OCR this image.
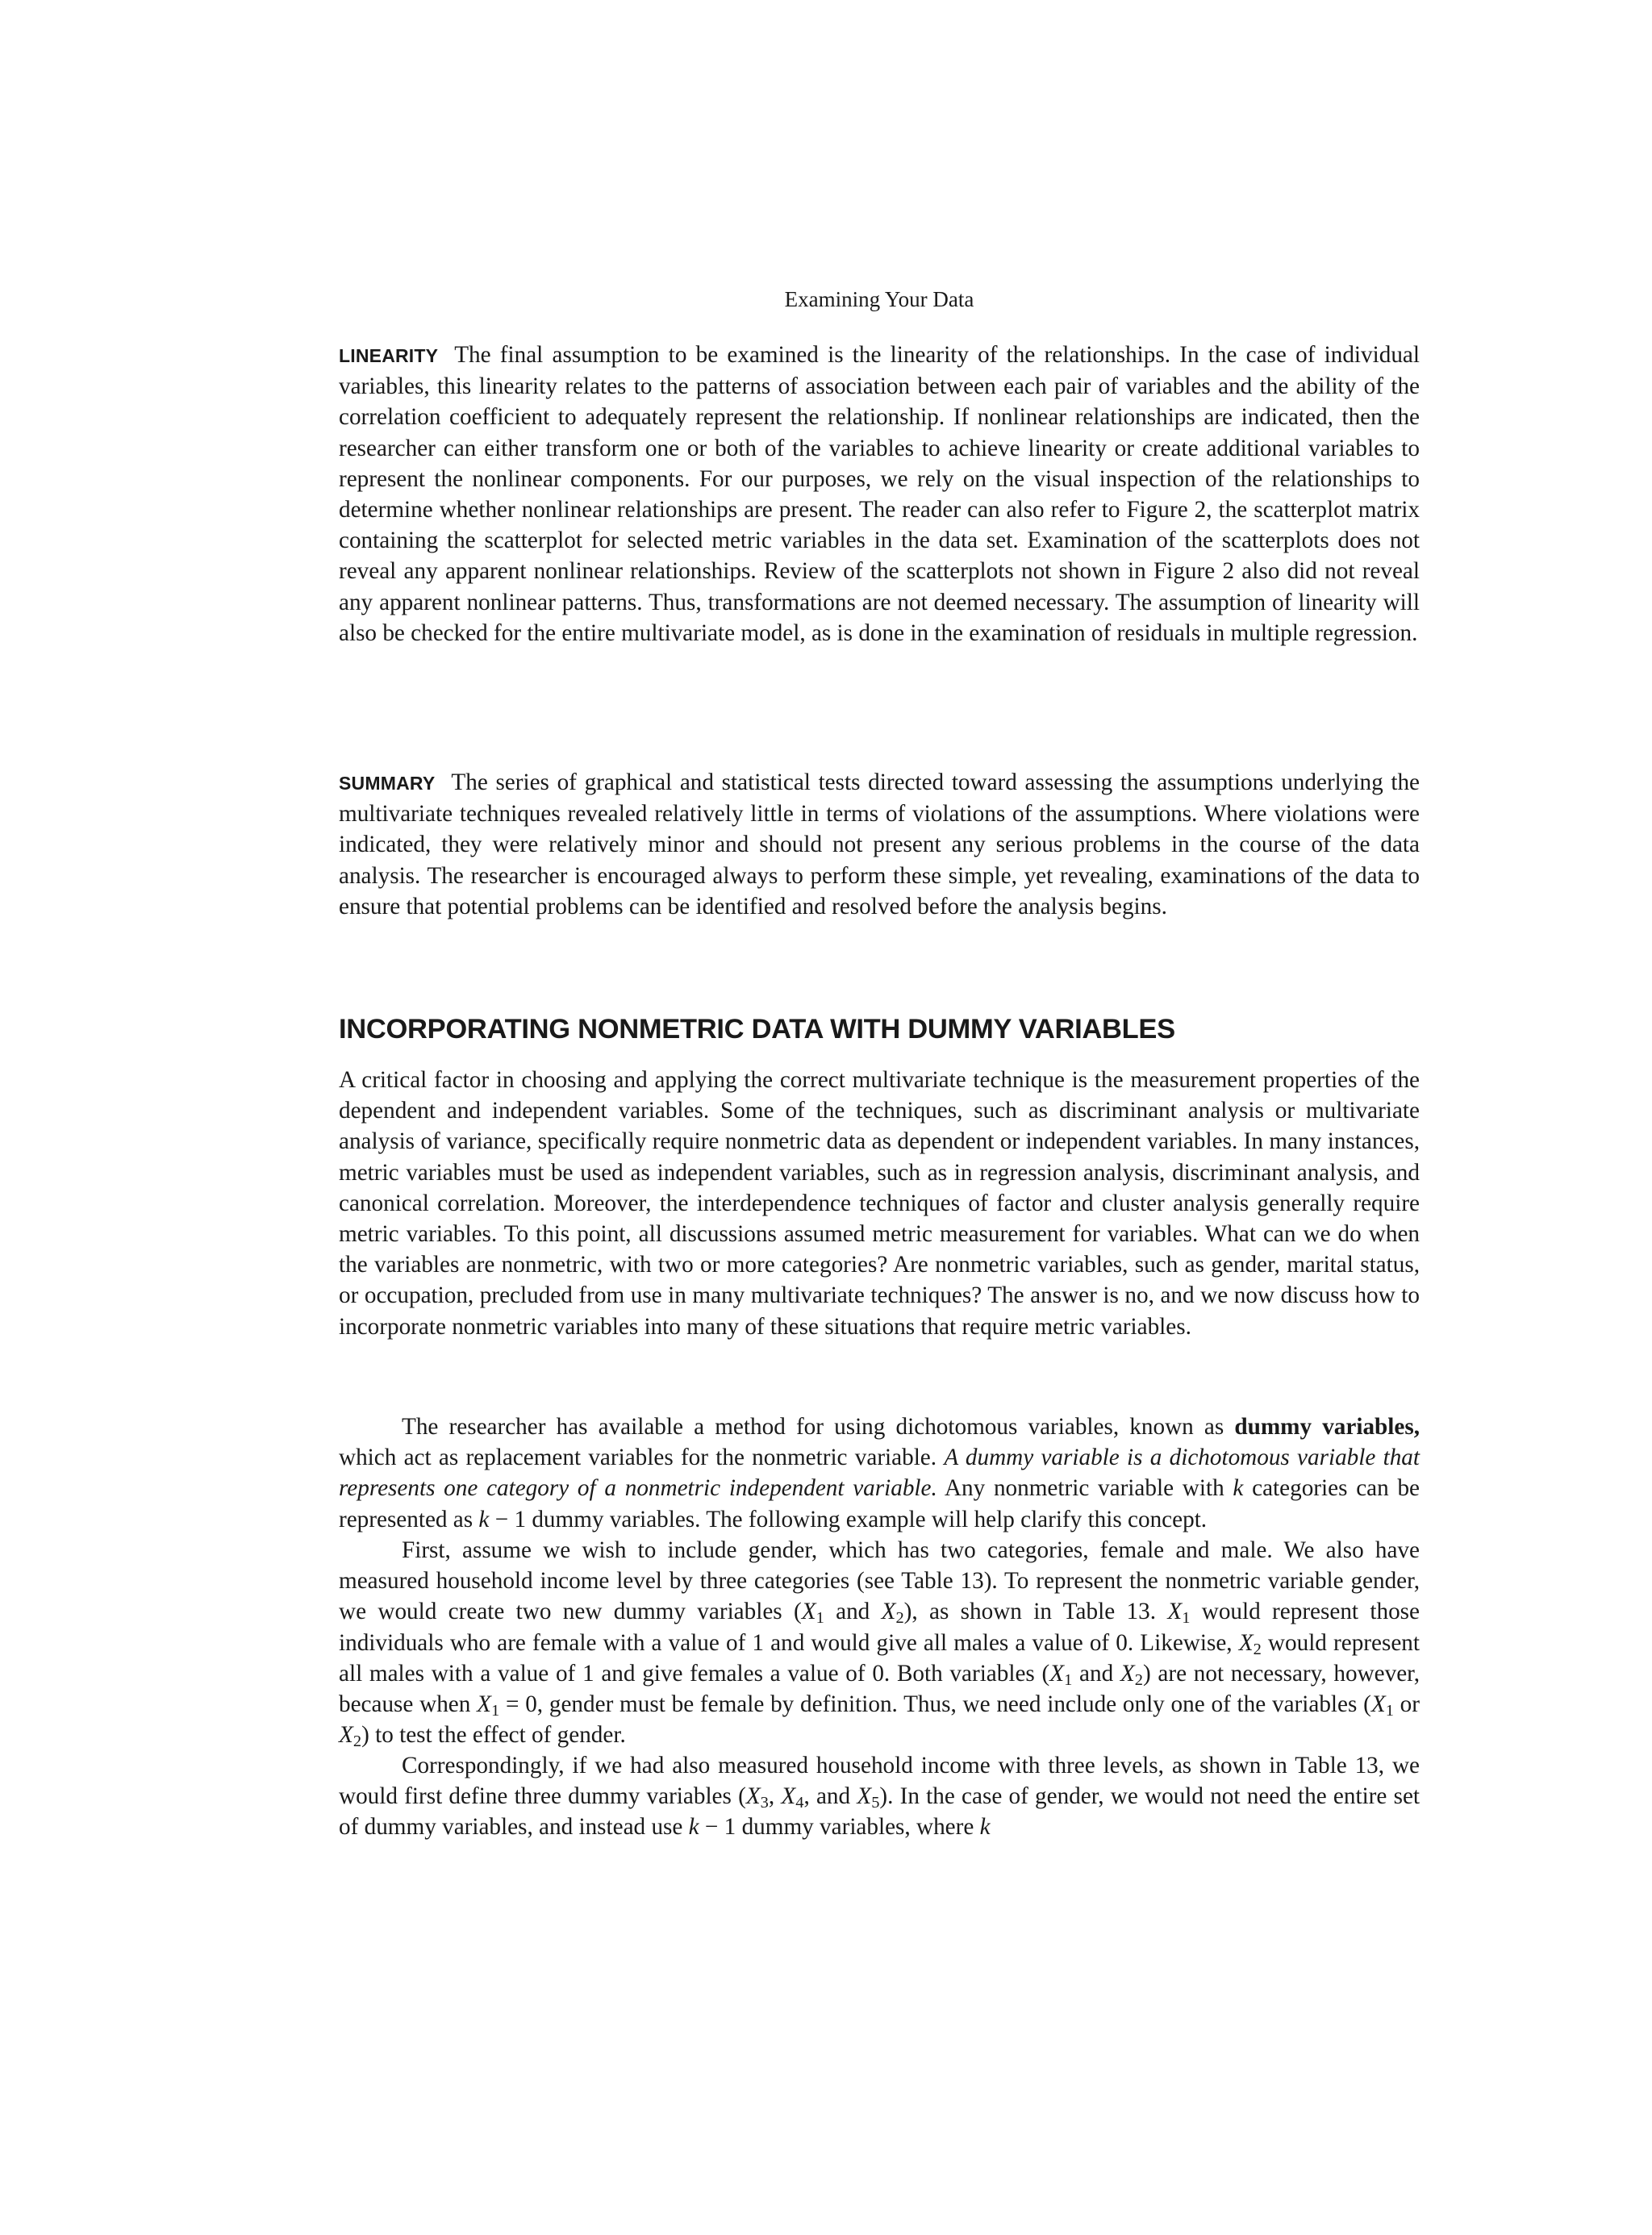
Examining Your Data

LINEARITY The final assumption to be examined is the linearity of the relationships. In the case of individual variables, this linearity relates to the patterns of association between each pair of variables and the ability of the correlation coefficient to adequately represent the relationship. If nonlinear relationships are indicated, then the researcher can either transform one or both of the variables to achieve linearity or create additional variables to represent the nonlinear components. For our purposes, we rely on the visual inspection of the relationships to determine whether nonlinear relationships are present. The reader can also refer to Figure 2, the scatterplot matrix containing the scatterplot for selected metric variables in the data set. Examination of the scatterplots does not reveal any apparent nonlinear relationships. Review of the scatterplots not shown in Figure 2 also did not reveal any apparent nonlinear patterns. Thus, transformations are not deemed necessary. The assumption of linearity will also be checked for the entire multivariate model, as is done in the examination of residuals in multiple regression.

SUMMARY The series of graphical and statistical tests directed toward assessing the assumptions underlying the multivariate techniques revealed relatively little in terms of violations of the assumptions. Where violations were indicated, they were relatively minor and should not present any serious problems in the course of the data analysis. The researcher is encouraged always to perform these simple, yet revealing, examinations of the data to ensure that potential problems can be identified and resolved before the analysis begins.

INCORPORATING NONMETRIC DATA WITH DUMMY VARIABLES

A critical factor in choosing and applying the correct multivariate technique is the measurement properties of the dependent and independent variables. Some of the techniques, such as discriminant analysis or multivariate analysis of variance, specifically require nonmetric data as dependent or independent variables. In many instances, metric variables must be used as independent variables, such as in regression analysis, discriminant analysis, and canonical correlation. Moreover, the interdependence techniques of factor and cluster analysis generally require metric variables. To this point, all discussions assumed metric measurement for variables. What can we do when the variables are nonmetric, with two or more categories? Are nonmetric variables, such as gender, marital status, or occupation, precluded from use in many multivariate techniques? The answer is no, and we now discuss how to incorporate nonmetric variables into many of these situations that require metric variables.

The researcher has available a method for using dichotomous variables, known as dummy variables, which act as replacement variables for the nonmetric variable. A dummy variable is a dichotomous variable that represents one category of a nonmetric independent variable. Any nonmetric variable with k categories can be represented as k − 1 dummy variables. The following example will help clarify this concept.

First, assume we wish to include gender, which has two categories, female and male. We also have measured household income level by three categories (see Table 13). To represent the nonmetric variable gender, we would create two new dummy variables ($X_1$ and $X_2$), as shown in Table 13. $X_1$ would represent those individuals who are female with a value of 1 and would give all males a value of 0. Likewise, $X_2$ would represent all males with a value of 1 and give females a value of 0. Both variables ($X_1$ and $X_2$) are not necessary, however, because when $X_1 = 0$, gender must be female by definition. Thus, we need include only one of the variables ($X_1$ or $X_2$) to test the effect of gender.

Correspondingly, if we had also measured household income with three levels, as shown in Table 13, we would first define three dummy variables ($X_3$, $X_4$, and $X_5$). In the case of gender, we would not need the entire set of dummy variables, and instead use k − 1 dummy variables, where k
